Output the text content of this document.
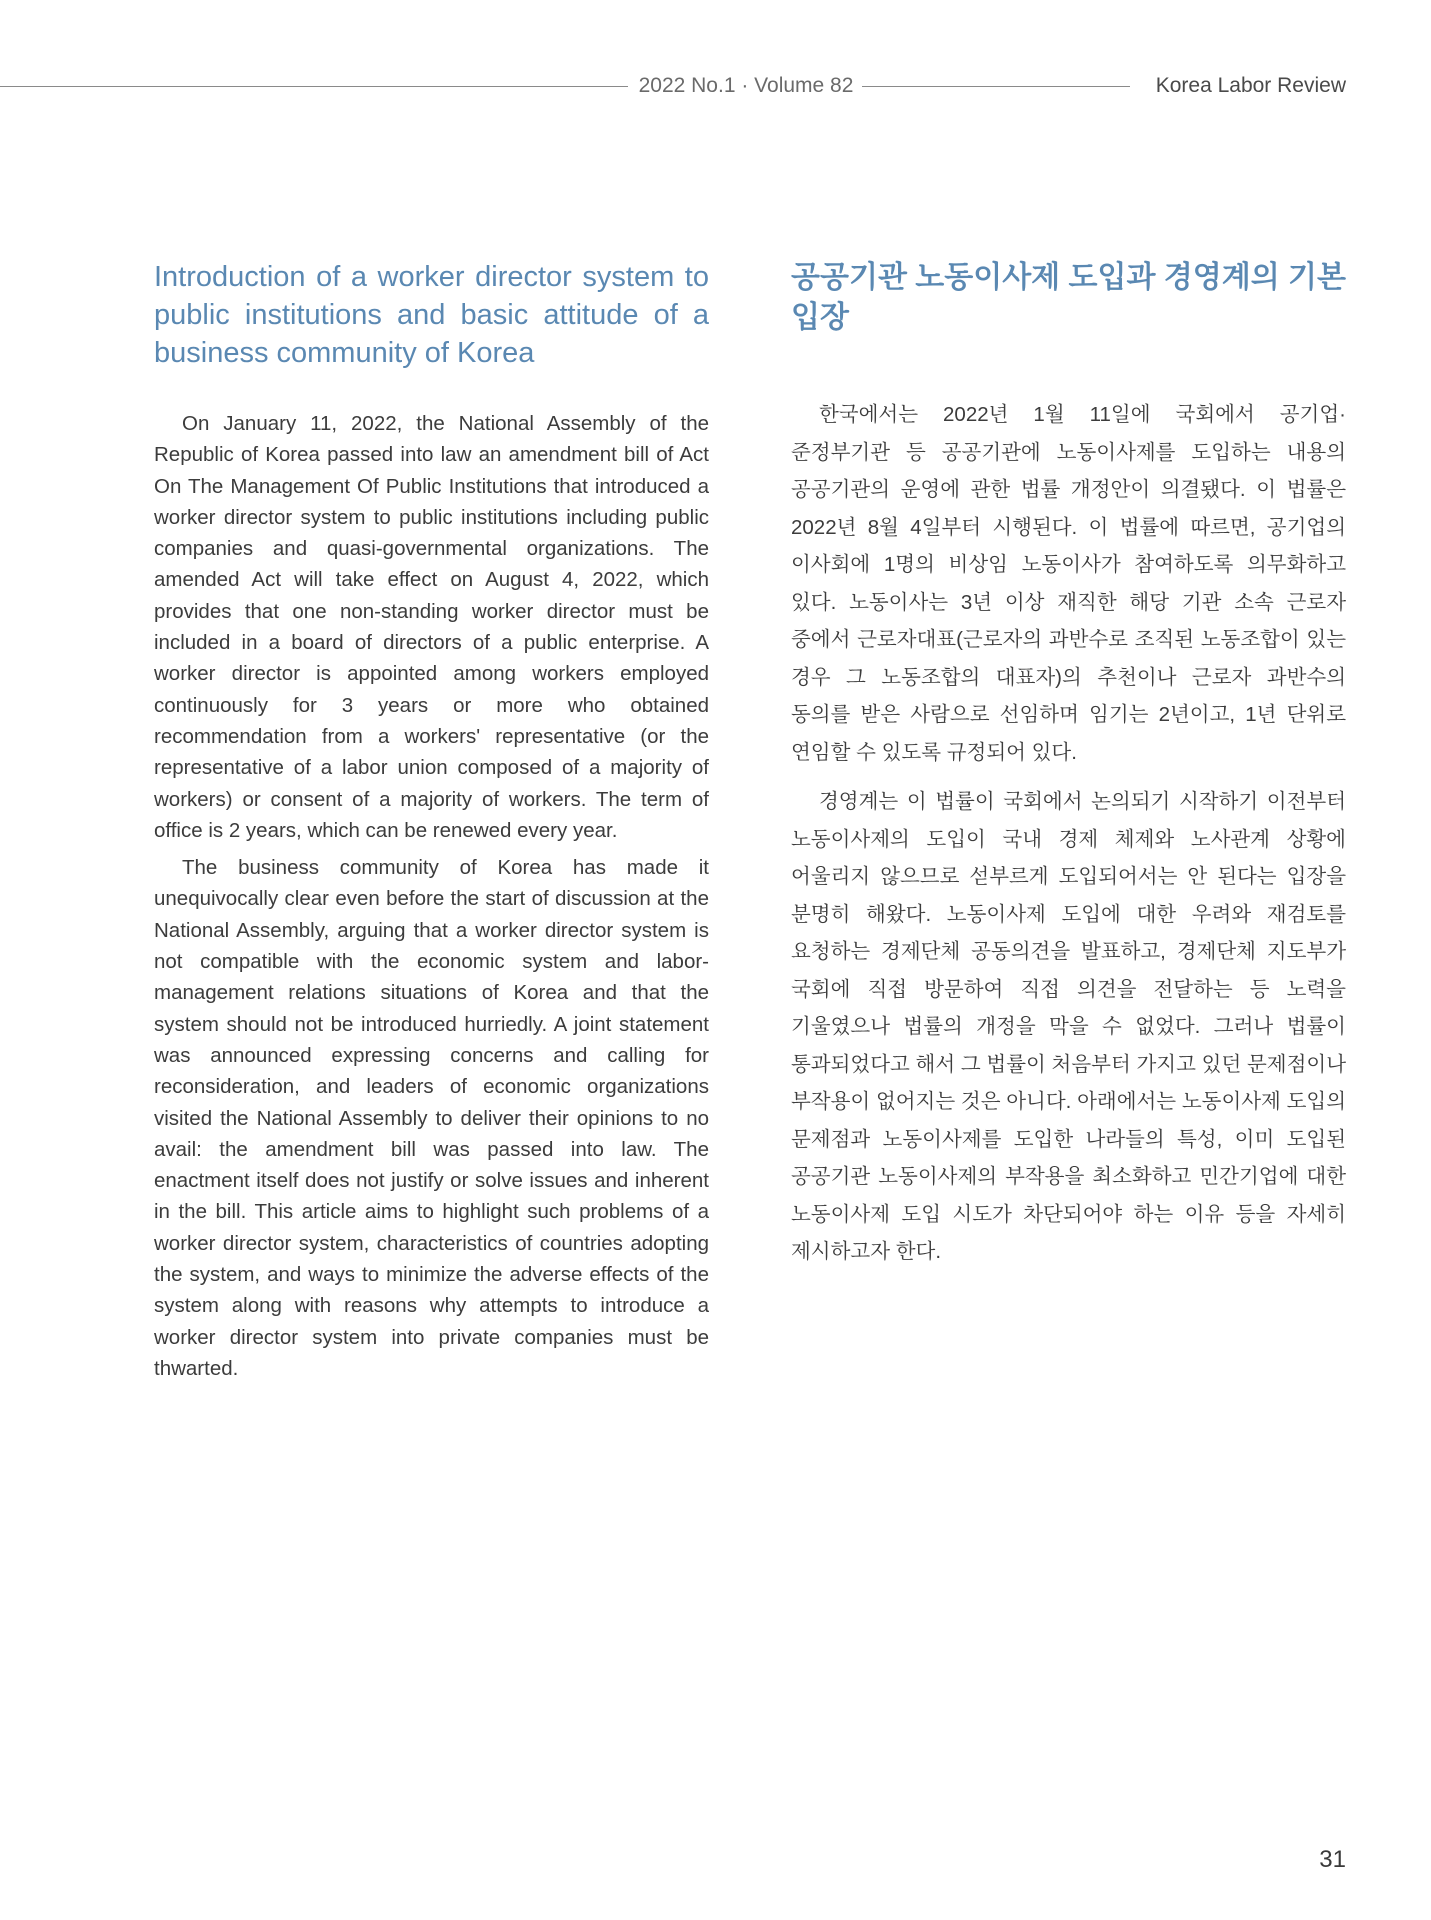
2022 No.1 · Volume 82	Korea Labor Review
Introduction of a worker director system to public institutions and basic attitude of a business community of Korea

On January 11, 2022, the National Assembly of the Republic of Korea passed into law an amendment bill of Act On The Management Of Public Institutions that introduced a worker director system to public institutions including public companies and quasi-governmental organizations. The amended Act will take effect on August 4, 2022, which provides that one non-standing worker director must be included in a board of directors of a public enterprise. A worker director is appointed among workers employed continuously for 3 years or more who obtained recommendation from a workers' representative (or the representative of a labor union composed of a majority of workers) or consent of a majority of workers. The term of office is 2 years, which can be renewed every year.

The business community of Korea has made it unequivocally clear even before the start of discussion at the National Assembly, arguing that a worker director system is not compatible with the economic system and labor-management relations situations of Korea and that the system should not be introduced hurriedly. A joint statement was announced expressing concerns and calling for reconsideration, and leaders of economic organizations visited the National Assembly to deliver their opinions to no avail: the amendment bill was passed into law. The enactment itself does not justify or solve issues and inherent in the bill. This article aims to highlight such problems of a worker director system, characteristics of countries adopting the system, and ways to minimize the adverse effects of the system along with reasons why attempts to introduce a worker director system into private companies must be thwarted.

공공기관 노동이사제 도입과 경영계의 기본 입장

한국에서는 2022년 1월 11일에 국회에서 공기업·준정부기관 등 공공기관에 노동이사제를 도입하는 내용의 공공기관의 운영에 관한 법률 개정안이 의결됐다. 이 법률은 2022년 8월 4일부터 시행된다. 이 법률에 따르면, 공기업의 이사회에 1명의 비상임 노동이사가 참여하도록 의무화하고 있다. 노동이사는 3년 이상 재직한 해당 기관 소속 근로자 중에서 근로자대표(근로자의 과반수로 조직된 노동조합이 있는 경우 그 노동조합의 대표자)의 추천이나 근로자 과반수의 동의를 받은 사람으로 선임하며 임기는 2년이고, 1년 단위로 연임할 수 있도록 규정되어 있다.

경영계는 이 법률이 국회에서 논의되기 시작하기 이전부터 노동이사제의 도입이 국내 경제 체제와 노사관계 상황에 어울리지 않으므로 섣부르게 도입되어서는 안 된다는 입장을 분명히 해왔다. 노동이사제 도입에 대한 우려와 재검토를 요청하는 경제단체 공동의견을 발표하고, 경제단체 지도부가 국회에 직접 방문하여 직접 의견을 전달하는 등 노력을 기울였으나 법률의 개정을 막을 수 없었다. 그러나 법률이 통과되었다고 해서 그 법률이 처음부터 가지고 있던 문제점이나 부작용이 없어지는 것은 아니다. 아래에서는 노동이사제 도입의 문제점과 노동이사제를 도입한 나라들의 특성, 이미 도입된 공공기관 노동이사제의 부작용을 최소화하고 민간기업에 대한 노동이사제 도입 시도가 차단되어야 하는 이유 등을 자세히 제시하고자 한다.

31
